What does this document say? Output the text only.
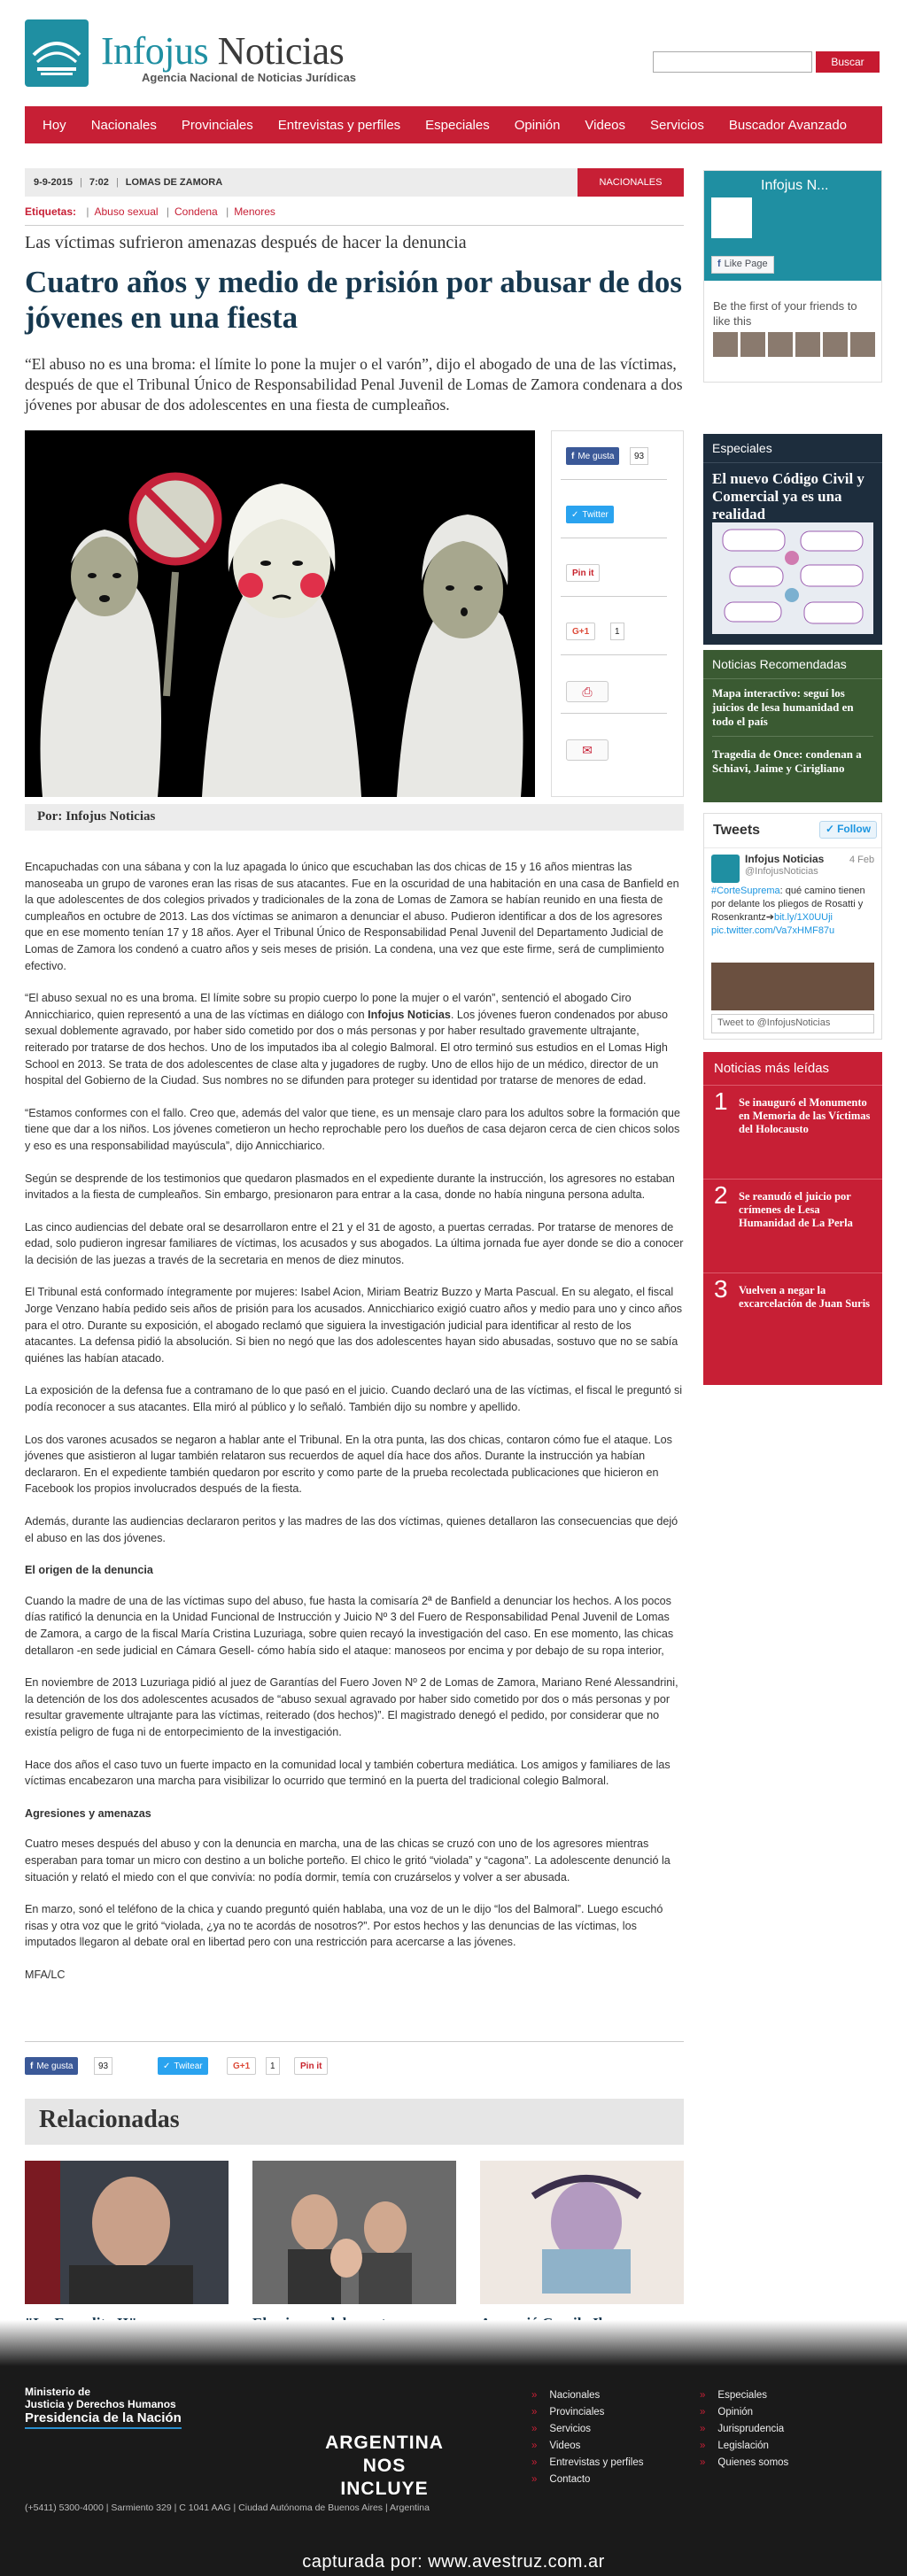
Infojus Noticias
Agencia Nacional de Noticias Jurídicas
Buscar
Hoy	Nacionales	Provinciales	Entrevistas y perfiles	Especiales	Opinión	Videos	Servicios	Buscador Avanzado
9-9-2015 | 7:02 | LOMAS DE ZAMORA	NACIONALES
Etiquetas: | Abuso sexual | Condena | Menores
Las víctimas sufrieron amenazas después de hacer la denuncia
Cuatro años y medio de prisión por abusar de dos jóvenes en una fiesta
“El abuso no es una broma: el límite lo pone la mujer o el varón”, dijo el abogado de una de las víctimas, después de que el Tribunal Único de Responsabilidad Penal Juvenil de Lomas de Zamora condenara a dos jóvenes por abusar de dos adolescentes en una fiesta de cumpleaños.
f Me gusta	93
✓ Twitter
Pin it
G+1	1
⎙
✉
Por: Infojus Noticias

Encapuchadas con una sábana y con la luz apagada lo único que escuchaban las dos chicas de 15 y 16 años mientras las manoseaba un grupo de varones eran las risas de sus atacantes. Fue en la oscuridad de una habitación en una casa de Banfield en la que adolescentes de dos colegios privados y tradicionales de la zona de Lomas de Zamora se habían reunido en una fiesta de cumpleaños en octubre de 2013. Las dos víctimas se animaron a denunciar el abuso. Pudieron identificar a dos de los agresores que en ese momento tenían 17 y 18 años. Ayer el Tribunal Único de Responsabilidad Penal Juvenil del Departamento Judicial de Lomas de Zamora los condenó a cuatro años y seis meses de prisión. La condena, una vez que este firme, será de cumplimiento efectivo.

“El abuso sexual no es una broma. El límite sobre su propio cuerpo lo pone la mujer o el varón”, sentenció el abogado Ciro Annicchiarico, quien representó a una de las víctimas en diálogo con Infojus Noticias. Los jóvenes fueron condenados por abuso sexual doblemente agravado, por haber sido cometido por dos o más personas y por haber resultado gravemente ultrajante, reiterado por tratarse de dos hechos. Uno de los imputados iba al colegio Balmoral. El otro terminó sus estudios en el Lomas High School en 2013. Se trata de dos adolescentes de clase alta y jugadores de rugby. Uno de ellos hijo de un médico, director de un hospital del Gobierno de la Ciudad. Sus nombres no se difunden para proteger su identidad por tratarse de menores de edad.

“Estamos conformes con el fallo. Creo que, además del valor que tiene, es un mensaje claro para los adultos sobre la formación que tiene que dar a los niños. Los jóvenes cometieron un hecho reprochable pero los dueños de casa dejaron cerca de cien chicos solos y eso es una responsabilidad mayúscula”, dijo Annicchiarico.

Según se desprende de los testimonios que quedaron plasmados en el expediente durante la instrucción, los agresores no estaban invitados a la fiesta de cumpleaños. Sin embargo, presionaron para entrar a la casa, donde no había ninguna persona adulta.

Las cinco audiencias del debate oral se desarrollaron entre el 21 y el 31 de agosto, a puertas cerradas. Por tratarse de menores de edad, solo pudieron ingresar familiares de víctimas, los acusados y sus abogados. La última jornada fue ayer donde se dio a conocer la decisión de las juezas a través de la secretaria en menos de diez minutos.

El Tribunal está conformado íntegramente por mujeres: Isabel Acion, Miriam Beatriz Buzzo y Marta Pascual. En su alegato, el fiscal Jorge Venzano había pedido seis años de prisión para los acusados. Annicchiarico exigió cuatro años y medio para uno y cinco años para el otro. Durante su exposición, el abogado reclamó que siguiera la investigación judicial para identificar al resto de los atacantes. La defensa pidió la absolución. Si bien no negó que las dos adolescentes hayan sido abusadas, sostuvo que no se sabía quiénes las habían atacado.

La exposición de la defensa fue a contramano de lo que pasó en el juicio. Cuando declaró una de las víctimas, el fiscal le preguntó si podía reconocer a sus atacantes. Ella miró al público y lo señaló. También dijo su nombre y apellido.

Los dos varones acusados se negaron a hablar ante el Tribunal. En la otra punta, las dos chicas, contaron cómo fue el ataque. Los jóvenes que asistieron al lugar también relataron sus recuerdos de aquel día hace dos años. Durante la instrucción ya habían declararon. En el expediente también quedaron por escrito y como parte de la prueba recolectada publicaciones que hicieron en Facebook los propios involucrados después de la fiesta.

Además, durante las audiencias declararon peritos y las madres de las dos víctimas, quienes detallaron las consecuencias que dejó el abuso en las dos jóvenes.

El origen de la denuncia

Cuando la madre de una de las víctimas supo del abuso, fue hasta la comisaría 2ª de Banfield a denunciar los hechos. A los pocos días ratificó la denuncia en la Unidad Funcional de Instrucción y Juicio Nº 3 del Fuero de Responsabilidad Penal Juvenil de Lomas de Zamora, a cargo de la fiscal María Cristina Luzuriaga, sobre quien recayó la investigación del caso. En ese momento, las chicas detallaron -en sede judicial en Cámara Gesell- cómo había sido el ataque: manoseos por encima y por debajo de su ropa interior,

En noviembre de 2013 Luzuriaga pidió al juez de Garantías del Fuero Joven Nº 2 de Lomas de Zamora, Mariano René Alessandrini, la detención de los dos adolescentes acusados de “abuso sexual agravado por haber sido cometido por dos o más personas y por resultar gravemente ultrajante para las víctimas, reiterado (dos hechos)”. El magistrado denegó el pedido, por considerar que no existía peligro de fuga ni de entorpecimiento de la investigación.

Hace dos años el caso tuvo un fuerte impacto en la comunidad local y también cobertura mediática. Los amigos y familiares de las víctimas encabezaron una marcha para visibilizar lo ocurrido que terminó en la puerta del tradicional colegio Balmoral.

Agresiones y amenazas

Cuatro meses después del abuso y con la denuncia en marcha, una de las chicas se cruzó con uno de los agresores mientras esperaban para tomar un micro con destino a un boliche porteño. El chico le gritó “violada” y “cagona”. La adolescente denunció la situación y relató el miedo con el que convivía: no podía dormir, temía con cruzárselos y volver a ser abusada.

En marzo, sonó el teléfono de la chica y cuando preguntó quién hablaba, una voz de un le dijo “los del Balmoral”. Luego escuchó risas y otra voz que le gritó “violada, ¿ya no te acordás de nosotros?”. Por estos hechos y las denuncias de las víctimas, los imputados llegaron al debate oral en libertad pero con una restricción para acercarse a las jóvenes.

MFA/LC

f Me gusta	93	✓ Twitear	G+1	1	Pin it
Relacionadas
Infojus N...
f Like Page
Be the first of your friends to like this
Especiales
El nuevo Código Civil y Comercial ya es una realidad
Noticias Recomendadas
Mapa interactivo: seguí los juicios de lesa humanidad en todo el país
Tragedia de Once: condenan a Schiavi, Jaime y Cirigliano
Tweets	✓ Follow
Infojus Noticias
@InfojusNoticias
4 Feb
#CorteSuprema: qué camino tienen por delante los pliegos de Rosatti y Rosenkrantz➔bit.ly/1X0UUji
pic.twitter.com/Va7xHMF87u
Tweet to @InfojusNoticias
Noticias más leídas
1 Se inauguró el Monumento en Memoria de las Víctimas del Holocausto
2 Se reanudó el juicio por crímenes de Lesa Humanidad de La Perla
3 Vuelven a negar la excarcelación de Juan Suris
Ministerio de
Justicia y Derechos Humanos
Presidencia de la Nación
ARGENTINA
NOS INCLUYE
(+5411) 5300-4000 | Sarmiento 329 | C 1041 AAG | Ciudad Autónoma de Buenos Aires | Argentina
» Nacionales
» Provinciales
» Servicios
» Videos
» Entrevistas y perfiles
» Contacto
» Especiales
» Opinión
» Jurisprudencia
» Legislación
» Quienes somos
capturada por: www.avestruz.com.ar
